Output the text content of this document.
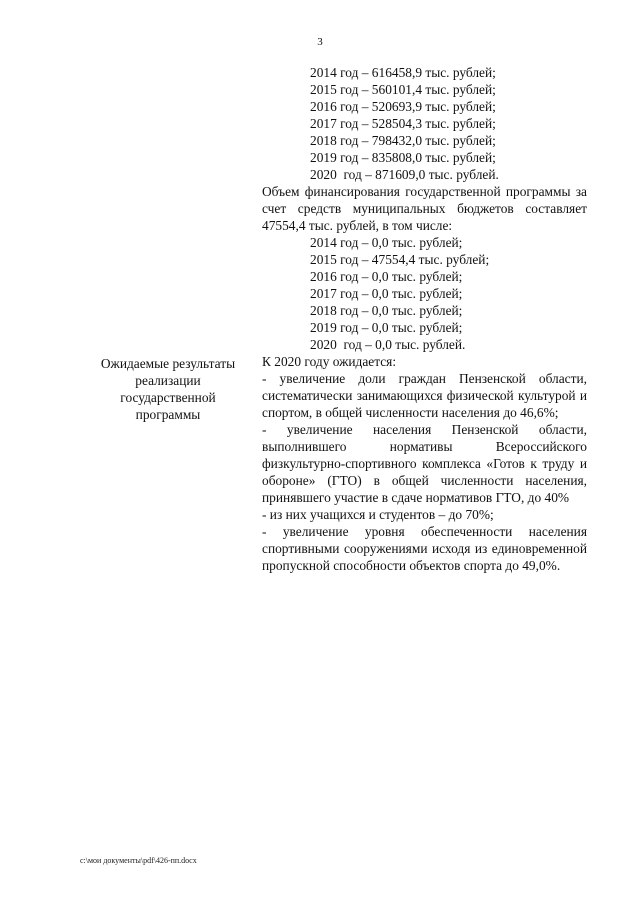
3
2014 год – 616458,9 тыс. рублей;
2015 год – 560101,4 тыс. рублей;
2016 год – 520693,9 тыс. рублей;
2017 год – 528504,3 тыс. рублей;
2018 год – 798432,0 тыс. рублей;
2019 год – 835808,0 тыс. рублей;
2020  год – 871609,0 тыс. рублей.
Объем финансирования государственной программы за счет средств муниципальных бюджетов составляет 47554,4 тыс. рублей, в том числе:
2014 год – 0,0 тыс. рублей;
2015 год – 47554,4 тыс. рублей;
2016 год – 0,0 тыс. рублей;
2017 год – 0,0 тыс. рублей;
2018 год – 0,0 тыс. рублей;
2019 год – 0,0 тыс. рублей;
2020  год – 0,0 тыс. рублей.
Ожидаемые результаты реализации государственной программы
К 2020 году ожидается:
- увеличение доли граждан Пензенской области, систематически занимающихся физической культурой и спортом, в общей численности населения до 46,6%;
- увеличение населения Пензенской области, выполнившего нормативы Всероссийского физкультурно-спортивного комплекса «Готов к труду и обороне» (ГТО) в общей численности населения, принявшего участие в сдаче нормативов ГТО, до 40%
- из них учащихся и студентов – до 70%;
- увеличение уровня обеспеченности населения спортивными сооружениями исходя из единовременной пропускной способности объектов спорта до 49,0%.
c:\мои документы\pdf\426-пп.docx
